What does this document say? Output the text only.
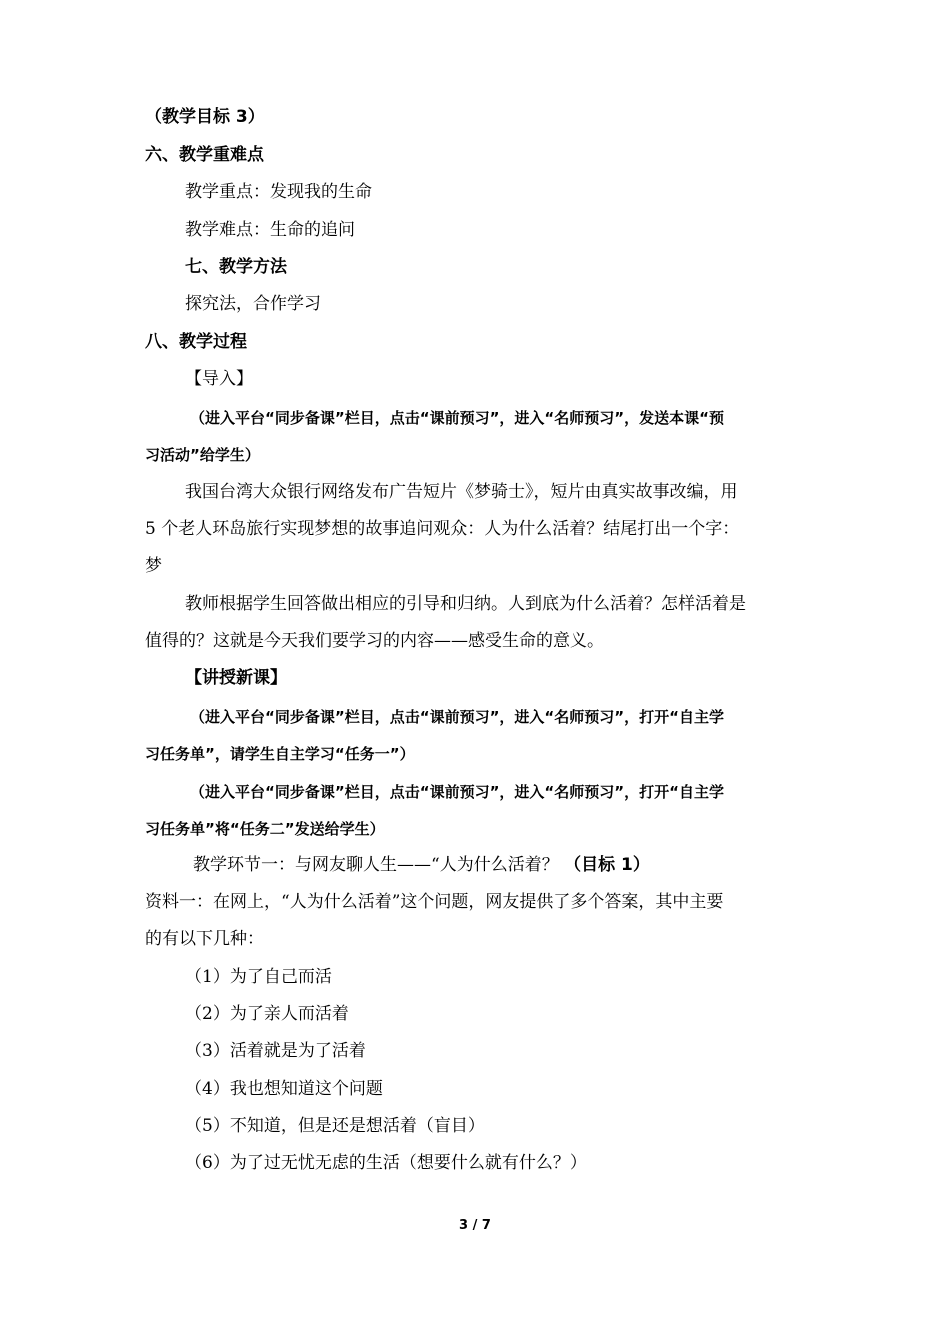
（教学目标 3）
六、教学重难点
教学重点：发现我的生命
教学难点：生命的追问
七、教学方法
探究法，合作学习
八、教学过程
【导入】
（进入平台“同步备课”栏目，点击“课前预习”，进入“名师预习”，发送本课“预
习活动”给学生）
我国台湾大众银行网络发布广告短片《梦骑士》，短片由真实故事改编，用
5 个老人环岛旅行实现梦想的故事追问观众：人为什么活着？结尾打出一个字：
梦
教师根据学生回答做出相应的引导和归纳。人到底为什么活着？怎样活着是
值得的？这就是今天我们要学习的内容——感受生命的意义。
【讲授新课】
（进入平台“同步备课”栏目，点击“课前预习”，进入“名师预习”，打开“自主学
习任务单”，请学生自主学习“任务一”）
（进入平台“同步备课”栏目，点击“课前预习”，进入“名师预习”，打开“自主学
习任务单”将“任务二”发送给学生）
教学环节一：与网友聊人生——“人为什么活着？ （目标 1）
资料一：在网上，“人为什么活着”这个问题，网友提供了多个答案，其中主要
的有以下几种：
（1）为了自己而活
（2）为了亲人而活着
（3）活着就是为了活着
（4）我也想知道这个问题
（5）不知道，但是还是想活着（盲目）
（6）为了过无忧无虑的生活（想要什么就有什么？）
3 / 7
